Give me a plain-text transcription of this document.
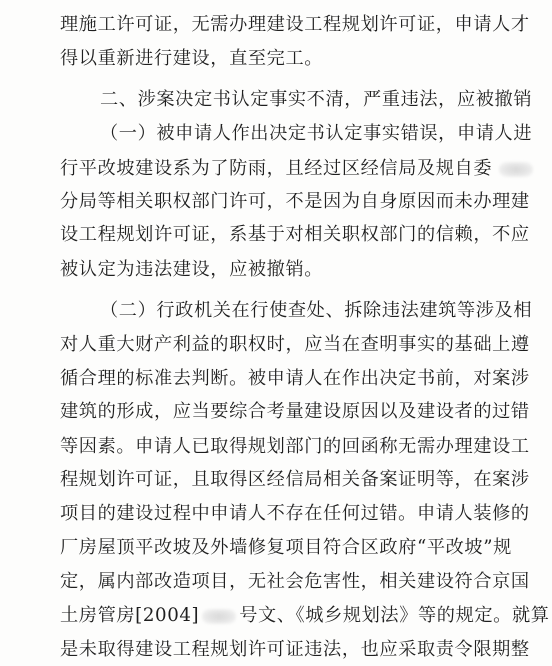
理施工许可证，无需办理建设工程规划许可证，申请人才
得以重新进行建设，直至完工。
二、涉案决定书认定事实不清，严重违法，应被撤销
（一）被申请人作出决定书认定事实错误，申请人进
行平改坡建设系为了防雨，且经过区经信局及规自委
分局等相关职权部门许可，不是因为自身原因而未办理建
设工程规划许可证，系基于对相关职权部门的信赖，不应
被认定为违法建设，应被撤销。
（二）行政机关在行使查处、拆除违法建筑等涉及相
对人重大财产利益的职权时，应当在查明事实的基础上遵
循合理的标准去判断。被申请人在作出决定书前，对案涉
建筑的形成，应当要综合考量建设原因以及建设者的过错
等因素。申请人已取得规划部门的回函称无需办理建设工
程规划许可证，且取得区经信局相关备案证明等，在案涉
项目的建设过程中申请人不存在任何过错。申请人装修的
厂房屋顶平改坡及外墙修复项目符合区政府“平改坡”规
定，属内部改造项目，无社会危害性，相关建设符合京国
土房管房[2004] 号文、《城乡规划法》等的规定。就算
是未取得建设工程规划许可证违法，也应采取责令限期整
